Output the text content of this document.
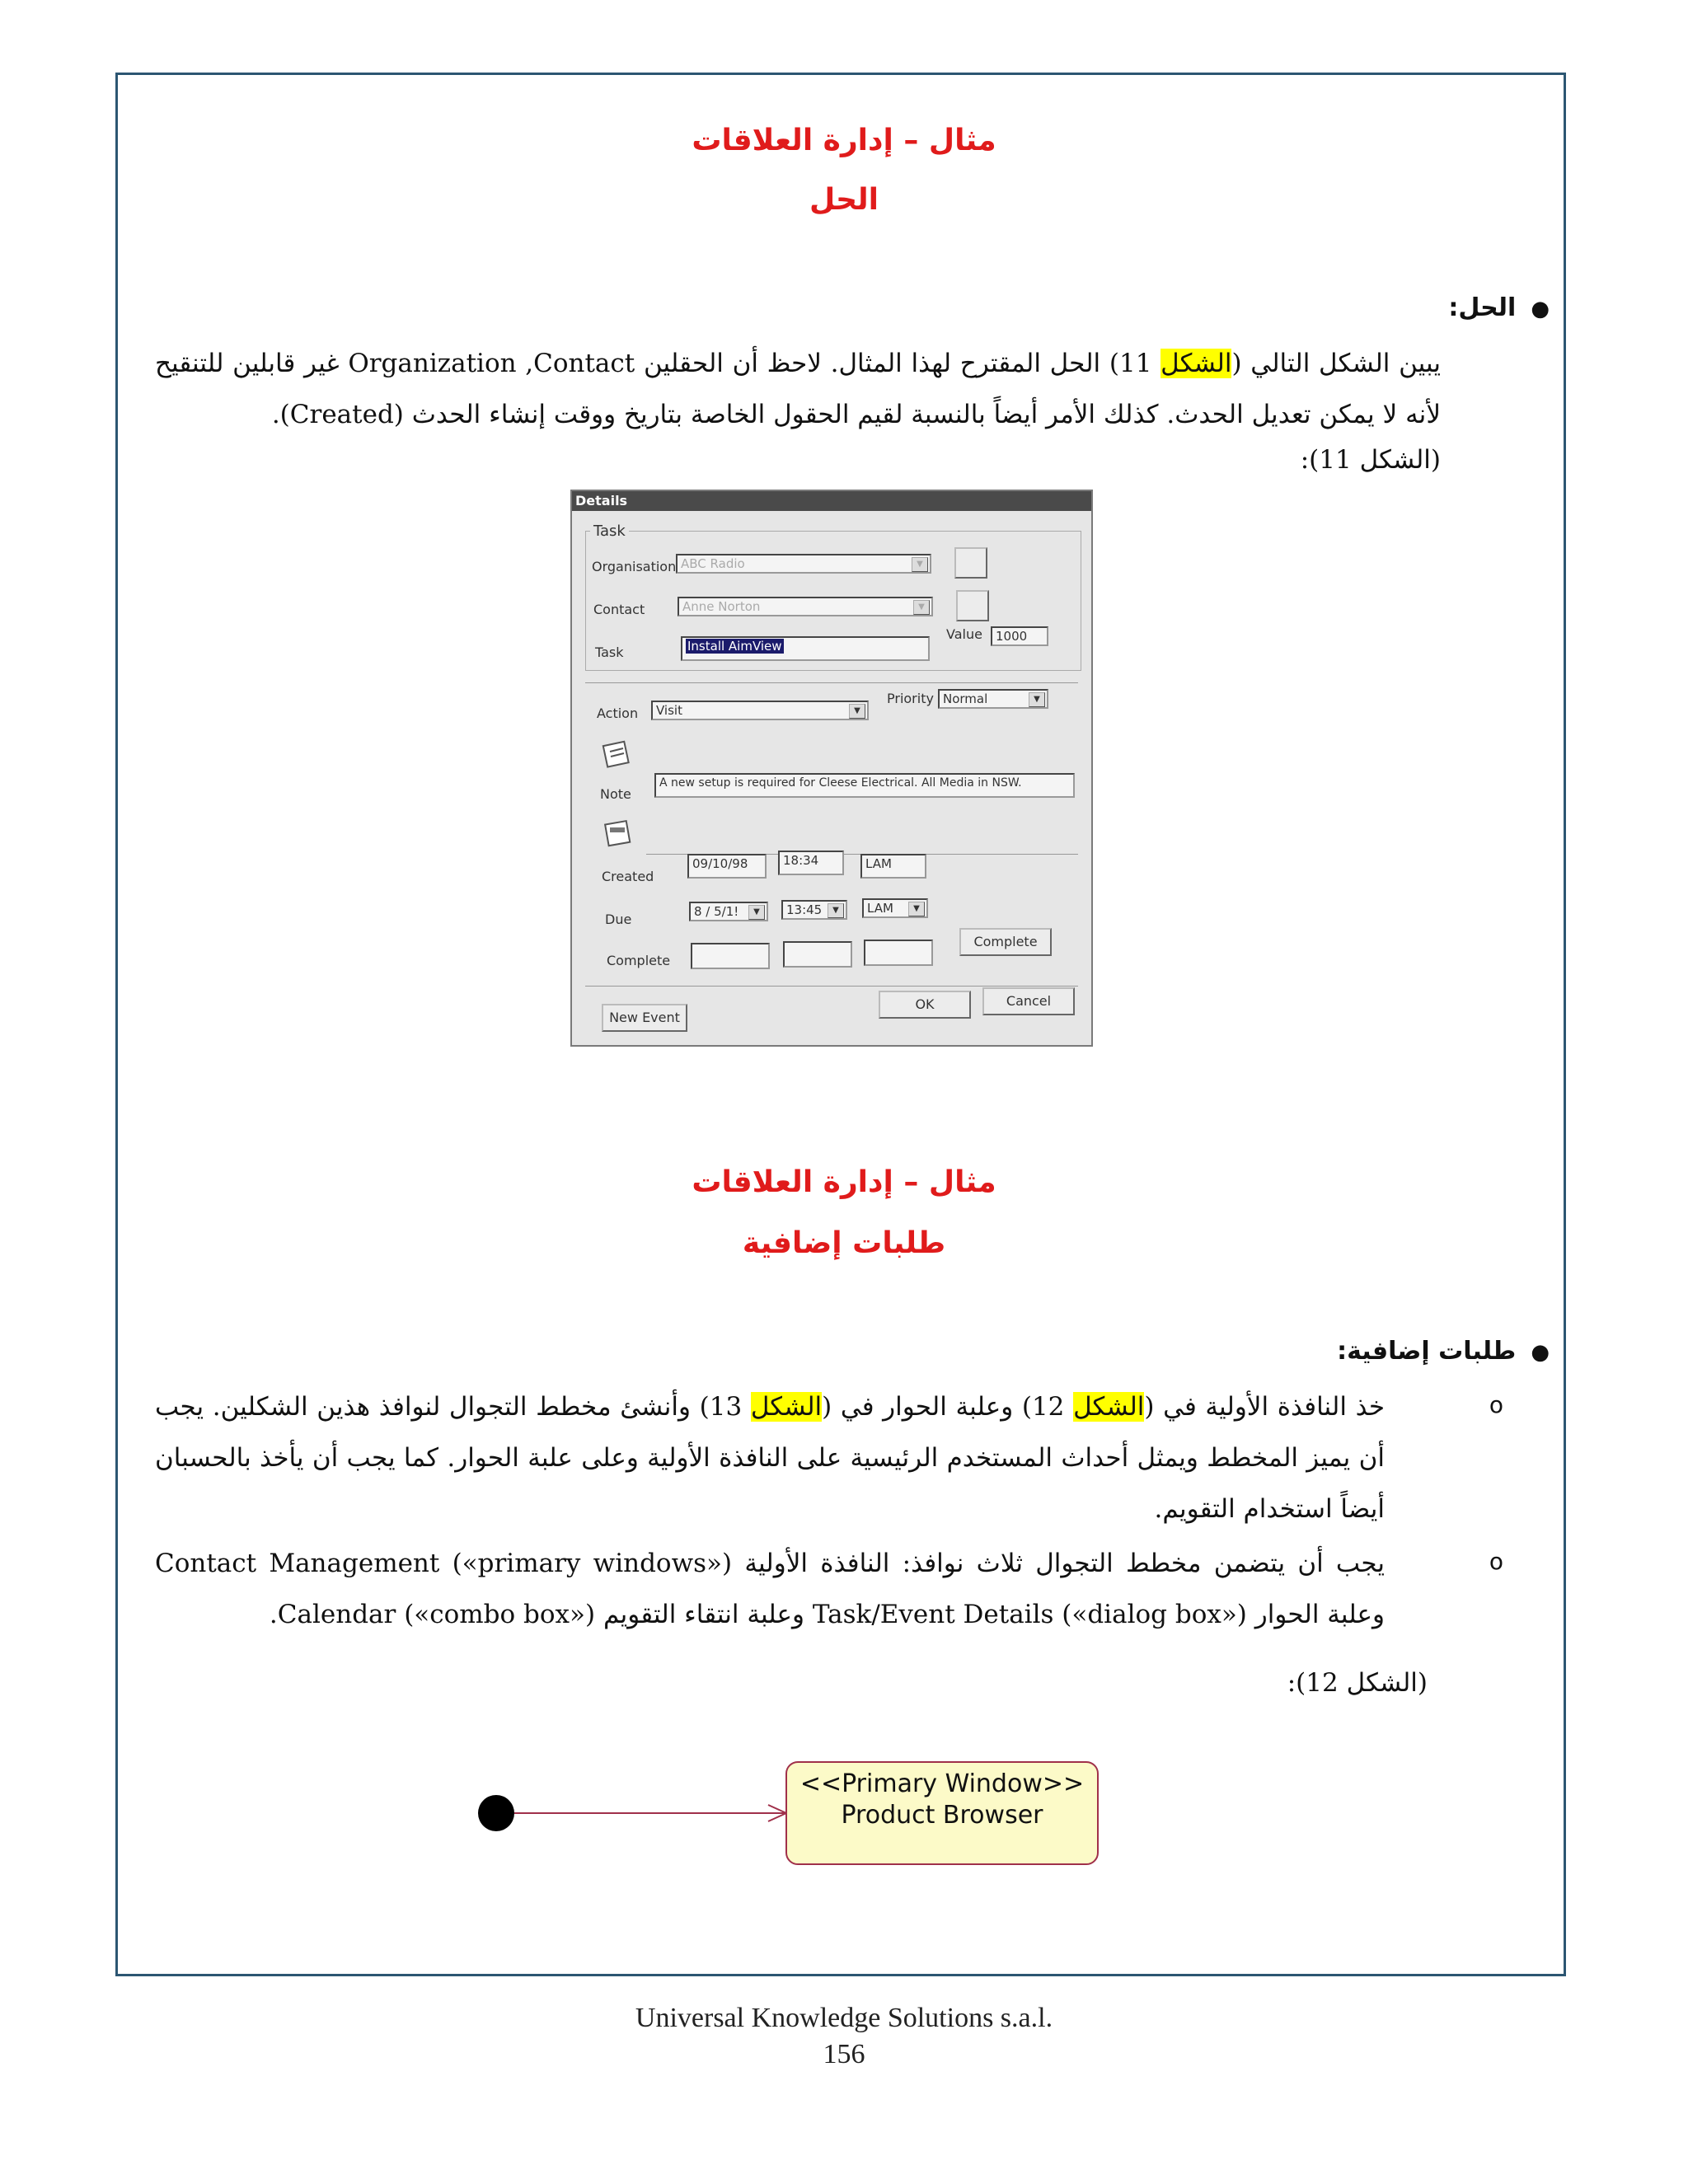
مثال – إدارة العلاقات
الحل
●الحل:
يبين الشكل التالي (الشكل 11) الحل المقترح لهذا المثال. لاحظ أن الحقلين Organization ,Contact غير قابلين للتنقيح لأنه لا يمكن تعديل الحدث. كذلك الأمر أيضاً بالنسبة لقيم الحقول الخاصة بتاريخ ووقت إنشاء الحدث (Created).
(الشكل 11):
Details
Task
Organisation ABC Radio	▼
Contact	Anne Norton	▼
Task	Install AimView
Value	1000
Action	Visit	▼
Priority Normal	▼
Note
A new setup is required for Cleese Electrical. All Media in NSW.
Created
09/10/98	18:34	LAM
Due	8 / 5/1!	▼	13:45	▼	LAM	▼
Complete
Complete
New Event
OK	Cancel
مثال – إدارة العلاقات
طلبات إضافية
●طلبات إضافية:
o
خذ النافذة الأولية في (الشكل 12) وعلبة الحوار في (الشكل 13) وأنشئ مخطط التجوال لنوافذ هذين الشكلين. يجب أن يميز المخطط ويمثل أحداث المستخدم الرئيسية على النافذة الأولية وعلى علبة الحوار. كما يجب أن يأخذ بالحسبان أيضاً استخدام التقويم.
o
يجب أن يتضمن مخطط التجوال ثلاث نوافذ: النافذة الأولية Contact Management («primary windows») وعلبة الحوار Task/Event Details («dialog box») وعلبة انتقاء التقويم Calendar («combo box»).
(الشكل 12):
<<Primary Window>>
Product Browser
Universal Knowledge Solutions s.a.l.
156
